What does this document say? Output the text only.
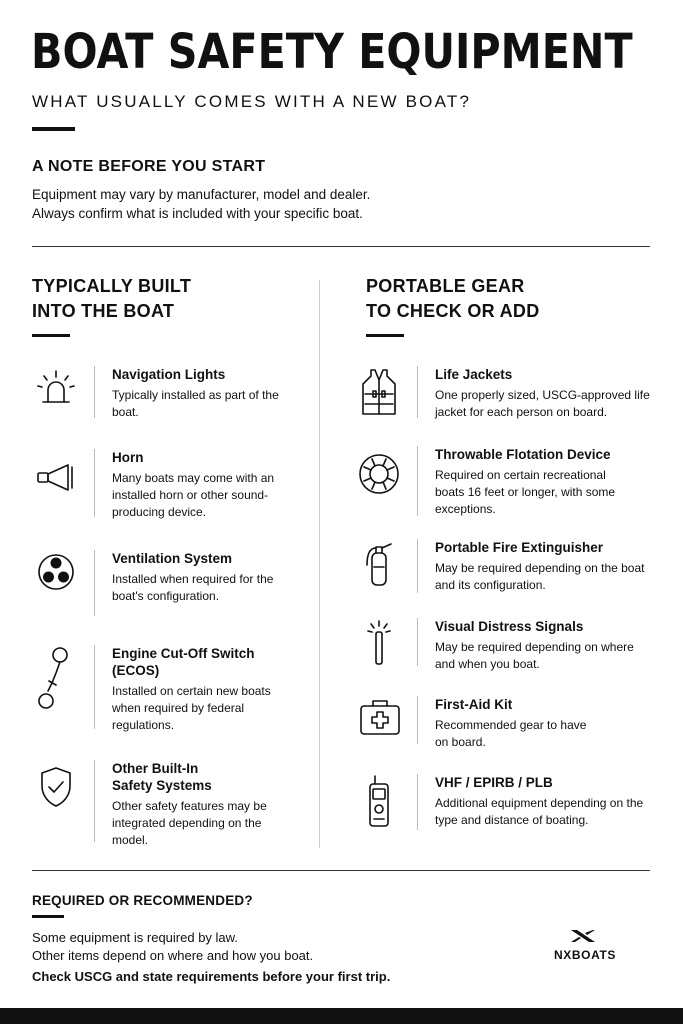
BOAT SAFETY EQUIPMENT
WHAT USUALLY COMES WITH A NEW BOAT?
A NOTE BEFORE YOU START
Equipment may vary by manufacturer, model and dealer.
Always confirm what is included with your specific boat.
TYPICALLY BUILT
INTO THE BOAT
PORTABLE GEAR
TO CHECK OR ADD
Navigation Lights
Typically installed as part of the boat.
Horn
Many boats may come with an installed horn or other sound-producing device.
Ventilation System
Installed when required for the boat's configuration.
Engine Cut-Off Switch (ECOS)
Installed on certain new boats when required by federal regulations.
Other Built-In Safety Systems
Other safety features may be integrated depending on the model.
Life Jackets
One properly sized, USCG-approved life jacket for each person on board.
Throwable Flotation Device
Required on certain recreational boats 16 feet or longer, with some exceptions.
Portable Fire Extinguisher
May be required depending on the boat and its configuration.
Visual Distress Signals
May be required depending on where and when you boat.
First-Aid Kit
Recommended gear to have on board.
VHF / EPIRB / PLB
Additional equipment depending on the type and distance of boating.
REQUIRED OR RECOMMENDED?
Some equipment is required by law.
Other items depend on where and how you boat.
Check USCG and state requirements before your first trip.
NXBOATS
